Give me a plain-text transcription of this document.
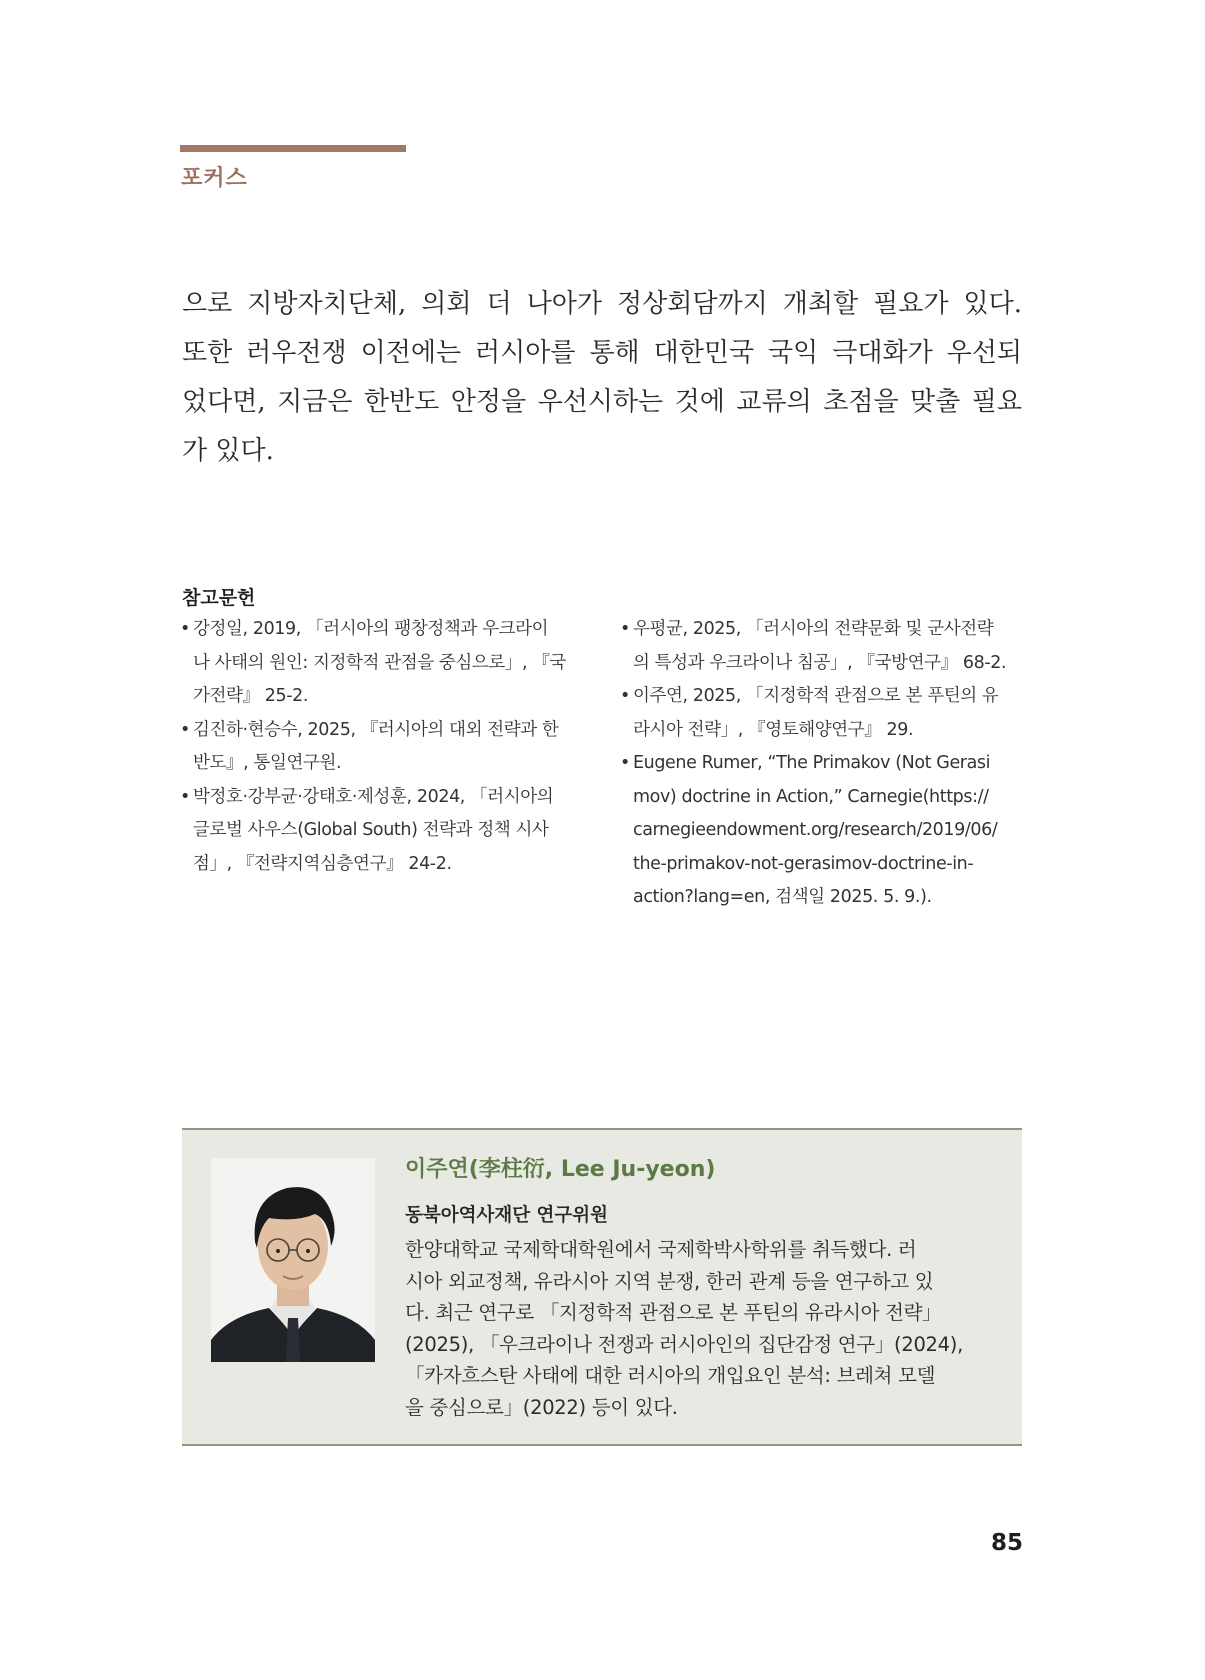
포커스

으로 지방자치단체, 의회 더 나아가 정상회담까지 개최할 필요가 있다.
또한 러우전쟁 이전에는 러시아를 통해 대한민국 국익 극대화가 우선되
었다면, 지금은 한반도 안정을 우선시하는 것에 교류의 초점을 맞출 필요
가 있다.

참고문헌
• 강정일, 2019, 「러시아의 팽창정책과 우크라이
나 사태의 원인: 지정학적 관점을 중심으로」, 『국
가전략』 25-2.
• 김진하·현승수, 2025, 『러시아의 대외 전략과 한
반도』, 통일연구원.
• 박정호·강부균·강태호·제성훈, 2024, 「러시아의
글로벌 사우스(Global South) 전략과 정책 시사
점」, 『전략지역심층연구』 24-2.
• 우평균, 2025, 「러시아의 전략문화 및 군사전략
의 특성과 우크라이나 침공」, 『국방연구』 68-2.
• 이주연, 2025, 「지정학적 관점으로 본 푸틴의 유
라시아 전략」, 『영토해양연구』 29.
• Eugene Rumer, “The Primakov (Not Gerasi
mov) doctrine in Action,” Carnegie(https://
carnegieendowment.org/research/2019/06/
the-primakov-not-gerasimov-doctrine-in-
action?lang=en, 검색일 2025. 5. 9.).
이주연(李柱衍, Lee Ju-yeon)
동북아역사재단 연구위원

한양대학교 국제학대학원에서 국제학박사학위를 취득했다. 러
시아 외교정책, 유라시아 지역 분쟁, 한러 관계 등을 연구하고 있
다. 최근 연구로 「지정학적 관점으로 본 푸틴의 유라시아 전략」
(2025), 「우크라이나 전쟁과 러시아인의 집단감정 연구」(2024),
「카자흐스탄 사태에 대한 러시아의 개입요인 분석: 브레쳐 모델
을 중심으로」(2022) 등이 있다.

85
